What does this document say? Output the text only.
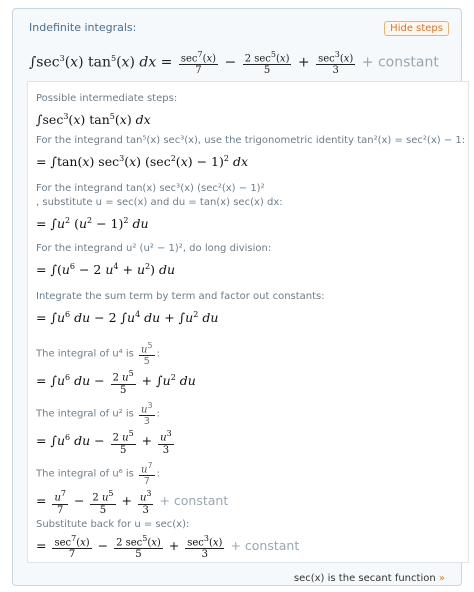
Indefinite integrals:	Hide steps
$\int\sec^3(x)$ $\tan^5(x)$ dx = $\frac{\sec^7(x)}{7} - \frac{2 \sec^5(x)}{5} + \frac{\sec^3(x)}{3}$ + constant

Possible intermediate steps:

$\int\sec^3(x)$ $\tan^5(x)$ dx

For the integrand tan⁵(x) sec³(x), use the trigonometric identity tan²(x) = sec²(x) − 1:

= ∫tan(x) $\sec^3(x) (\sec^2(x) - 1)^2$ dx

For the integrand tan(x) sec³(x) (sec²(x) − 1)²

, substitute u = sec(x) and du = tan(x) sec(x) dx:

= $\int u^2$ $(u^2 - 1)^2$ du

For the integrand u² (u² − 1)², do long division:

= $\int(u^6 - 2$ $u^4 + u^2$) du

Integrate the sum term by term and factor out constants:

= $\int u^6$ du − 2 $\int u^4$ du + $\int u^2$ du

The integral of u⁴ is $\frac{u^5}{5}$ :

= $\int u^6$ du − $\frac{2 u^5}{5} + \int u^2$ du

The integral of u² is $\frac{u^3}{3}$ :

= $\int u^6$ du − $\frac{2 u^5}{5} + \frac{u^3}{3}$

The integral of u⁶ is $\frac{u^7}{7}$ :

= $\frac{u^7}{7} - \frac{2 u^5}{5} + \frac{u^3}{3}$ + constant

Substitute back for u = sec(x):

= $\frac{\sec^7(x)}{7} - \frac{2 \sec^5(x)}{5} + \frac{\sec^3(x)}{3}$ + constant

sec(x) is the secant function »
